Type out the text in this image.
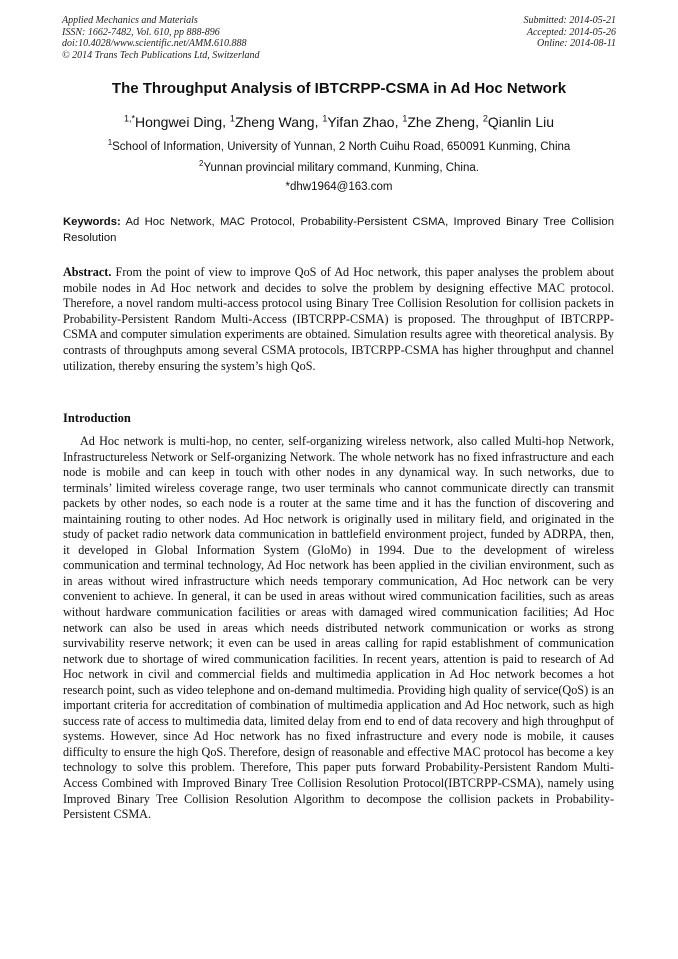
Applied Mechanics and Materials
ISSN: 1662-7482, Vol. 610, pp 888-896
doi:10.4028/www.scientific.net/AMM.610.888
© 2014 Trans Tech Publications Ltd, Switzerland
Submitted: 2014-05-21
Accepted: 2014-05-26
Online: 2014-08-11
The Throughput Analysis of IBTCRPP-CSMA in Ad Hoc Network
$^{1,*}$Hongwei Ding, $^1$Zheng Wang, $^1$Yifan Zhao, $^1$Zhe Zheng, $^2$Qianlin Liu
$^1$School of Information, University of Yunnan, 2 North Cuihu Road, 650091 Kunming, China
$^2$Yunnan provincial military command, Kunming, China.
*dhw1964@163.com
Keywords: Ad Hoc Network, MAC Protocol, Probability-Persistent CSMA, Improved Binary Tree Collision Resolution
Abstract. From the point of view to improve QoS of Ad Hoc network, this paper analyses the problem about mobile nodes in Ad Hoc network and decides to solve the problem by designing effective MAC protocol. Therefore, a novel random multi-access protocol using Binary Tree Collision Resolution for collision packets in Probability-Persistent Random Multi-Access (IBTCRPP-CSMA) is proposed. The throughput of IBTCRPP-CSMA and computer simulation experiments are obtained. Simulation results agree with theoretical analysis. By contrasts of throughputs among several CSMA protocols, IBTCRPP-CSMA has higher throughput and channel utilization, thereby ensuring the system’s high QoS.
Introduction

Ad Hoc network is multi-hop, no center, self-organizing wireless network, also called Multi-hop Network, Infrastructureless Network or Self-organizing Network. The whole network has no fixed infrastructure and each node is mobile and can keep in touch with other nodes in any dynamical way. In such networks, due to terminals’ limited wireless coverage range, two user terminals who cannot communicate directly can transmit packets by other nodes, so each node is a router at the same time and it has the function of discovering and maintaining routing to other nodes. Ad Hoc network is originally used in military field, and originated in the study of packet radio network data communication in battlefield environment project, funded by ADRPA, then, it developed in Global Information System (GloMo) in 1994. Due to the development of wireless communication and terminal technology, Ad Hoc network has been applied in the civilian environment, such as in areas without wired infrastructure which needs temporary communication, Ad Hoc network can be very convenient to achieve. In general, it can be used in areas without wired communication facilities, such as areas without hardware communication facilities or areas with damaged wired communication facilities; Ad Hoc network can also be used in areas which needs distributed network communication or works as strong survivability reserve network; it even can be used in areas calling for rapid establishment of communication network due to shortage of wired communication facilities. In recent years, attention is paid to research of Ad Hoc network in civil and commercial fields and multimedia application in Ad Hoc network becomes a hot research point, such as video telephone and on-demand multimedia. Providing high quality of service(QoS) is an important criteria for accreditation of combination of multimedia application and Ad Hoc network, such as high success rate of access to multimedia data, limited delay from end to end of data recovery and high throughput of systems. However, since Ad Hoc network has no fixed infrastructure and every node is mobile, it causes difficulty to ensure the high QoS. Therefore, design of reasonable and effective MAC protocol has become a key technology to solve this problem. Therefore, This paper puts forward Probability-Persistent Random Multi-Access Combined with Improved Binary Tree Collision Resolution Protocol(IBTCRPP-CSMA), namely using Improved Binary Tree Collision Resolution Algorithm to decompose the collision packets in Probability-Persistent CSMA.
